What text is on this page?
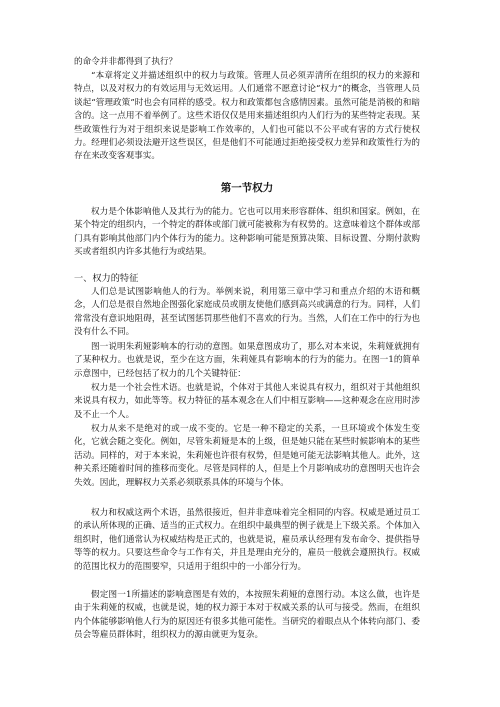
的命令并非都得到了执行？

“本章将定义并描述组织中的权力与政策。管理人员必须弄清所在组织的权力的来源和特点，以及对权力的有效运用与无效运用。人们通常不愿意讨论“权力”的概念，当管理人员谈起“管理政策”时也会有同样的感受。权力和政策都包含感情因素。虽然可能是消极的和暗含的。这一点用不着举例了。这些术语仅仅是用来描述组织内人们行为的某些特定表现。某些政策性行为对于组织来说是影响工作效率的，人们也可能以不公平或有害的方式行使权力。经理们必须设法避开这些误区，但是他们不可能通过拒绝接受权力差异和政策性行为的存在来改变客观事实。

第一节权力

权力是个体影响他人及其行为的能力。它也可以用来形容群体、组织和国家。例如，在某个特定的组织内，一个特定的群体或部门就可能被称为有权势的。这意味着这个群体或部门具有影响其他部门内个体行为的能力。这种影响可能是预算决策、目标设置、分期付款购买或者组织内许多其他行为或结果。

一、权力的特征

人们总是试图影响他人的行为。举例来说，利用第三章中学习和重点介绍的木语和概念，人们总是很自然地企图强化家庭成员或朋友使他们感到高兴或满意的行为。同样，人们常常没有意识地阻碍，甚至试图惩罚那些他们不喜欢的行为。当然，人们在工作中的行为也没有什么不同。

图一说明朱莉娅影响本的行动的意图。如果意图成功了，那么对本来说，朱莉娅就拥有了某种权力。也就是说，至少在这方面，朱莉娅具有影响本的行为的能力。在图一1的简单示意图中，已经包括了权力的几个关键特征：

权力是一个社会性术语。也就是说，个体对于其他人来说具有权力，组织对于其他组织来说具有权力，如此等等。权力特征的基本观念在人们中相互影响——这种观念在应用时涉及不止一个人。

权力从来不是绝对的或一成不变的。它是一种不稳定的关系，一旦环境或个体发生变化，它就会随之变化。例如，尽管朱莉娅是本的上级，但是她只能在某些时候影响本的某些活动。同样的，对于本来说，朱莉娅也许很有权势，但是她可能无法影响其他人。此外，这种关系还随着时间的推移而变化。尽管是同样的人，但是上个月影响成功的意图明天也许会失效。因此，理解权力关系必须联系具体的环境与个体。

权力和权威这两个术语，虽然很接近，但并非意味着完全相同的内容。权威是通过员工的承认所体现的正确、适当的正式权力。在组织中最典型的例子就是上下级关系。个体加入组织时，他们通常认为权威结构是正式的，也就是说，雇员承认经理有发布命令、提供指导等等的权力。只要这些命令与工作有关，并且是理由充分的，雇员一般就会遵照执行。权威的范围比权力的范围要窄，只适用于组织中的一小部分行为。

假定图一1所描述的影响意图是有效的，本按照朱莉娅的意图行动。本这么做，也许是由于朱莉娅的权威，也就是说，她的权力源于本对于权威关系的认可与接受。然而，在组织内个体能够影响他人行为的原因还有很多其他可能性。当研究的着眼点从个体转向部门、委员会等雇员群体时，组织权力的源由就更为复杂。
